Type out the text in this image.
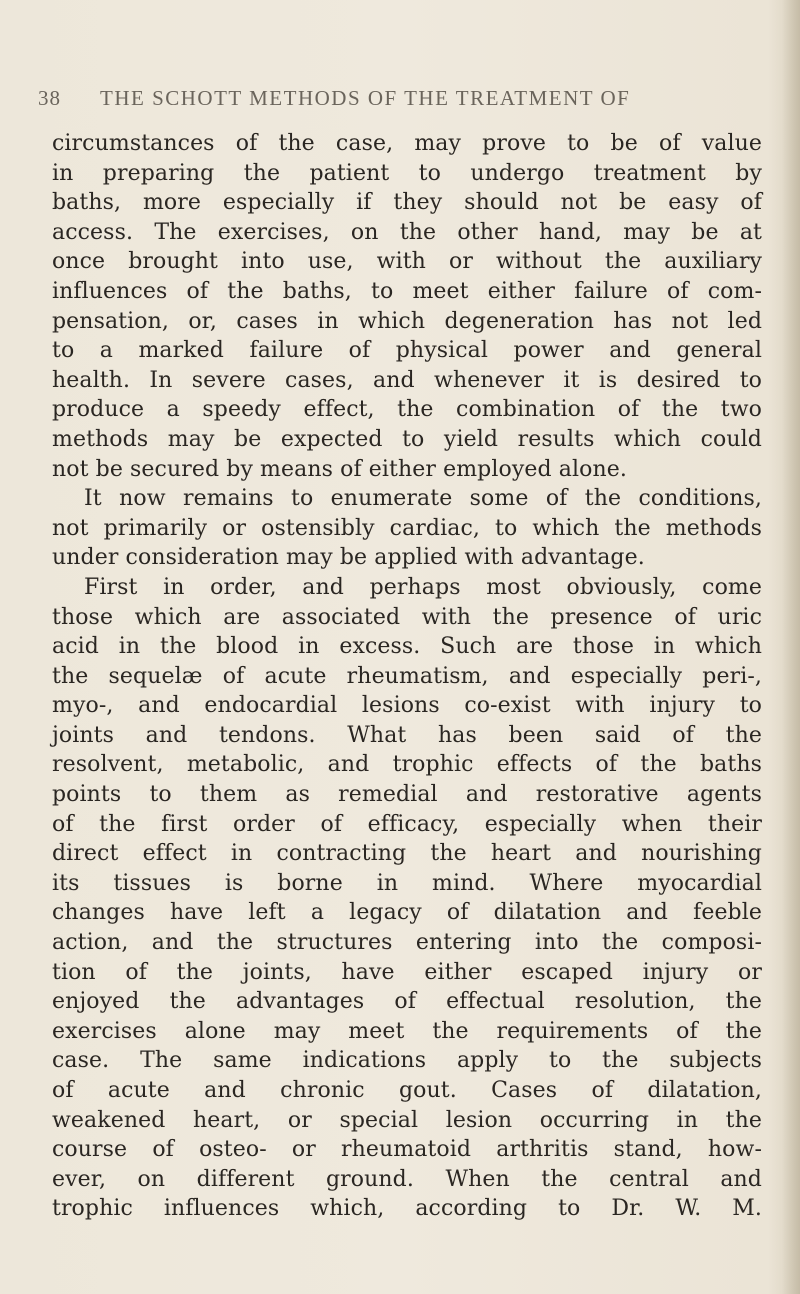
38 THE SCHOTT METHODS OF THE TREATMENT OF
circumstances of the case, may prove to be of value
in preparing the patient to undergo treatment by
baths, more especially if they should not be easy of
access. The exercises, on the other hand, may be at
once brought into use, with or without the auxiliary
influences of the baths, to meet either failure of com-
pensation, or, cases in which degeneration has not led
to a marked failure of physical power and general
health. In severe cases, and whenever it is desired to
produce a speedy effect, the combination of the two
methods may be expected to yield results which could
not be secured by means of either employed alone.
It now remains to enumerate some of the conditions,
not primarily or ostensibly cardiac, to which the methods
under consideration may be applied with advantage.
First in order, and perhaps most obviously, come
those which are associated with the presence of uric
acid in the blood in excess. Such are those in which
the sequelæ of acute rheumatism, and especially peri-,
myo-, and endocardial lesions co-exist with injury to
joints and tendons. What has been said of the
resolvent, metabolic, and trophic effects of the baths
points to them as remedial and restorative agents
of the first order of efficacy, especially when their
direct effect in contracting the heart and nourishing
its tissues is borne in mind. Where myocardial
changes have left a legacy of dilatation and feeble
action, and the structures entering into the composi-
tion of the joints, have either escaped injury or
enjoyed the advantages of effectual resolution, the
exercises alone may meet the requirements of the
case. The same indications apply to the subjects
of acute and chronic gout. Cases of dilatation,
weakened heart, or special lesion occurring in the
course of osteo- or rheumatoid arthritis stand, how-
ever, on different ground. When the central and
trophic influences which, according to Dr. W. M.
